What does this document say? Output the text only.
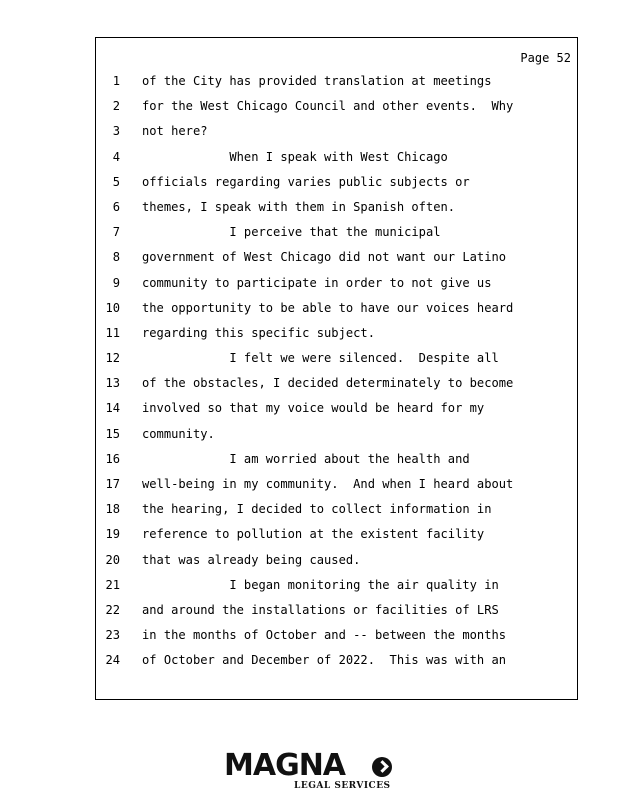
Page 52
1 of the City has provided translation at meetings
2 for the West Chicago Council and other events.  Why
3 not here?
4 When I speak with West Chicago
5 officials regarding varies public subjects or
6 themes, I speak with them in Spanish often.
7 I perceive that the municipal
8 government of West Chicago did not want our Latino
9 community to participate in order to not give us
10 the opportunity to be able to have our voices heard
11 regarding this specific subject.
12 I felt we were silenced.  Despite all
13 of the obstacles, I decided determinately to become
14 involved so that my voice would be heard for my
15 community.
16 I am worried about the health and
17 well-being in my community.  And when I heard about
18 the hearing, I decided to collect information in
19 reference to pollution at the existent facility
20 that was already being caused.
21 I began monitoring the air quality in
22 and around the installations or facilities of LRS
23 in the months of October and -- between the months
24 of October and December of 2022.  This was with an
MAGNA
LEGAL SERVICES
